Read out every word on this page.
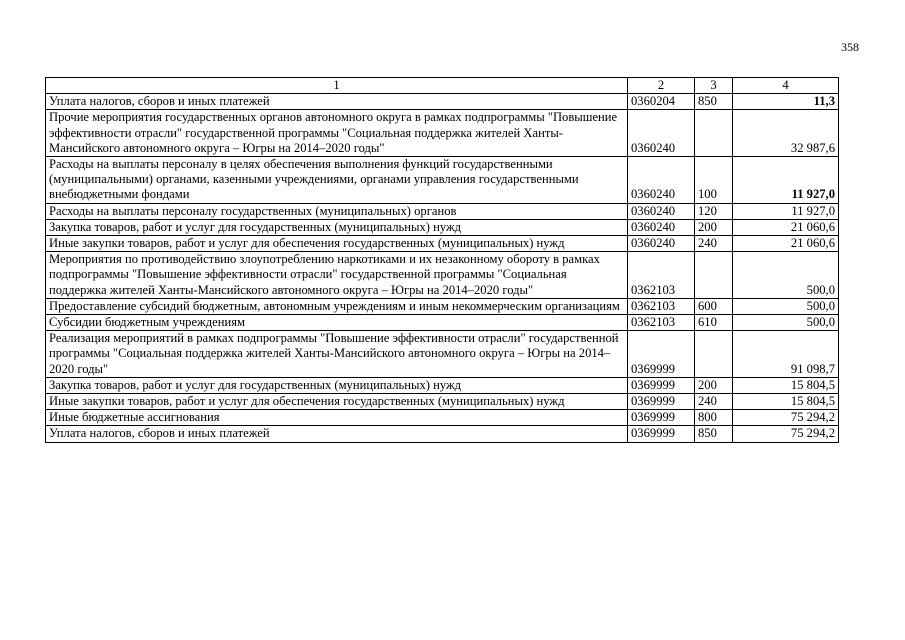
358
1	2	3	4
Уплата налогов, сборов и иных платежей	0360204	850	11,3
Прочие мероприятия государственных органов автономного округа в рамках подпрограммы "Повышение эффективности отрасли" государственной программы "Социальная поддержка жителей Ханты-Мансийского автономного округа – Югры на 2014–2020 годы"	0360240		32 987,6
Расходы на выплаты персоналу в целях обеспечения выполнения функций государственными (муниципальными) органами, казенными учреждениями, органами управления государственными внебюджетными фондами	0360240	100	11 927,0
Расходы на выплаты персоналу государственных (муниципальных) органов	0360240	120	11 927,0
Закупка товаров, работ и услуг для государственных (муниципальных) нужд	0360240	200	21 060,6
Иные закупки товаров, работ и услуг для обеспечения государственных (муниципальных) нужд	0360240	240	21 060,6
Мероприятия по противодействию злоупотреблению наркотиками и их незаконному обороту в рамках подпрограммы "Повышение эффективности отрасли" государственной программы "Социальная поддержка жителей Ханты-Мансийского автономного округа – Югры на 2014–2020 годы"	0362103		500,0
Предоставление субсидий бюджетным, автономным учреждениям и иным некоммерческим организациям	0362103	600	500,0
Субсидии бюджетным учреждениям	0362103	610	500,0
Реализация мероприятий в рамках подпрограммы "Повышение эффективности отрасли" государственной программы "Социальная поддержка жителей Ханты-Мансийского автономного округа – Югры на 2014–2020 годы"	0369999		91 098,7
Закупка товаров, работ и услуг для государственных (муниципальных) нужд	0369999	200	15 804,5
Иные закупки товаров, работ и услуг для обеспечения государственных (муниципальных) нужд	0369999	240	15 804,5
Иные бюджетные ассигнования	0369999	800	75 294,2
Уплата налогов, сборов и иных платежей	0369999	850	75 294,2
